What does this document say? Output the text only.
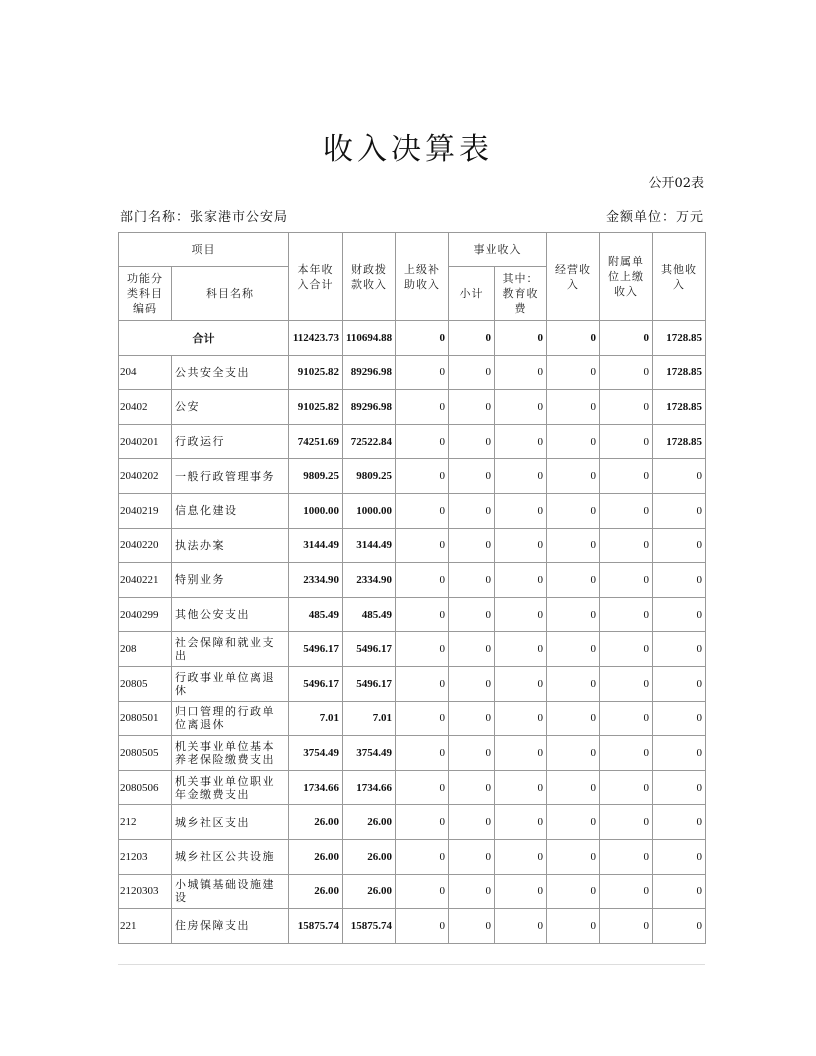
收入决算表
公开02表
部门名称：张家港市公安局	金额单位：万元
项目		本年收入合计	财政拨款收入	上级补助收入	事业收入		经营收入	附属单位上缴收入	其他收入
功能分类科目编码	科目名称				小计	其中：教育收费			
合计		112423.73	110694.88	0	0	0	0	0	1728.85
204	公共安全支出	91025.82	89296.98	0	0	0	0	0	1728.85
20402	公安	91025.82	89296.98	0	0	0	0	0	1728.85
2040201	行政运行	74251.69	72522.84	0	0	0	0	0	1728.85
2040202	一般行政管理事务	9809.25	9809.25	0	0	0	0	0	0
2040219	信息化建设	1000.00	1000.00	0	0	0	0	0	0
2040220	执法办案	3144.49	3144.49	0	0	0	0	0	0
2040221	特别业务	2334.90	2334.90	0	0	0	0	0	0
2040299	其他公安支出	485.49	485.49	0	0	0	0	0	0
208	社会保障和就业支出	5496.17	5496.17	0	0	0	0	0	0
20805	行政事业单位离退休	5496.17	5496.17	0	0	0	0	0	0
2080501	归口管理的行政单位离退休	7.01	7.01	0	0	0	0	0	0
2080505	机关事业单位基本养老保险缴费支出	3754.49	3754.49	0	0	0	0	0	0
2080506	机关事业单位职业年金缴费支出	1734.66	1734.66	0	0	0	0	0	0
212	城乡社区支出	26.00	26.00	0	0	0	0	0	0
21203	城乡社区公共设施	26.00	26.00	0	0	0	0	0	0
2120303	小城镇基础设施建设	26.00	26.00	0	0	0	0	0	0
221	住房保障支出	15875.74	15875.74	0	0	0	0	0	0
